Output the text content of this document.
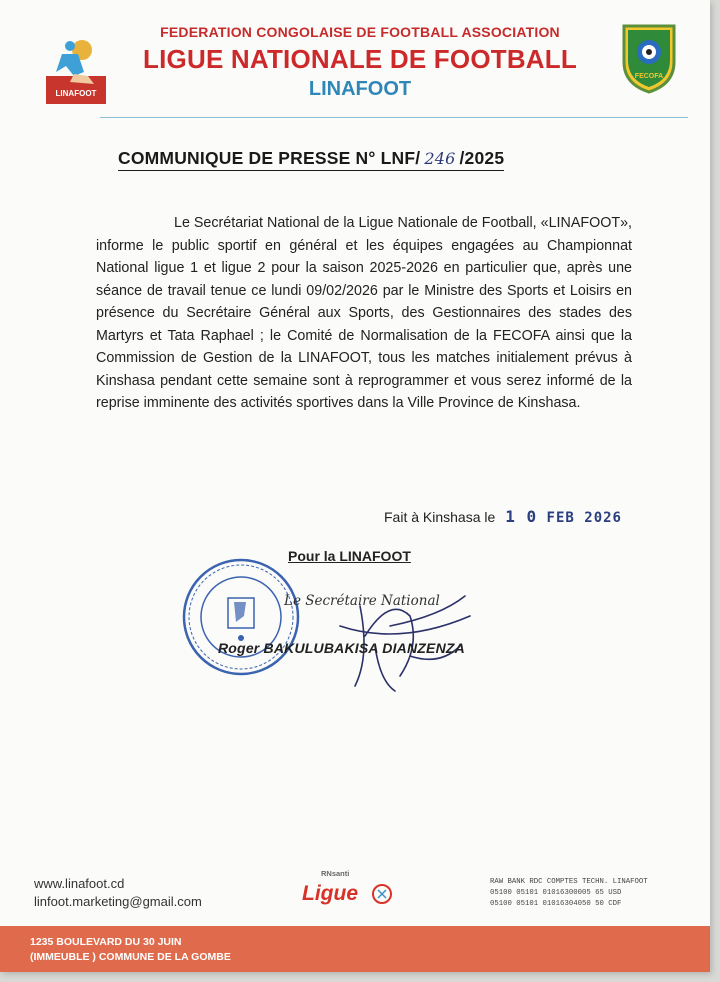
LINAFOOT
FEDERATION CONGOLAISE DE FOOTBALL ASSOCIATION
LIGUE NATIONALE DE FOOTBALL
LINAFOOT
FECOFA
COMMUNIQUE DE PRESSE N° LNF/ 246 /2025
Le Secrétariat National de la Ligue Nationale de Football, «LINAFOOT», informe le public sportif en général et les équipes engagées au Championnat National ligue 1 et ligue 2 pour la saison 2025-2026 en particulier que, après une séance de travail tenue ce lundi 09/02/2026 par le Ministre des Sports et Loisirs en présence du Secrétaire Général aux Sports, des Gestionnaires des stades des Martyrs et Tata Raphael ; le Comité de Normalisation de la FECOFA ainsi que la Commission de Gestion de la LINAFOOT, tous les matches initialement prévus à Kinshasa pendant cette semaine sont à reprogrammer et vous serez informé de la reprise imminente des activités sportives dans la Ville Province de Kinshasa.
Fait à Kinshasa le 1 0 FEB 2026
Pour la LINAFOOT
Le Secrétaire National
Roger BAKULUBAKISA DIANZENZA
www.linafoot.cd
linfoot.marketing@gmail.com
RNsanti
Ligue	RAW BANK RDC COMPTES TECHN. LINAFOOT
05100 05101 01016300005 65 USD
05100 05101 01016304050 50 CDF
1235 BOULEVARD DU 30 JUIN
(IMMEUBLE ) COMMUNE DE LA GOMBE
